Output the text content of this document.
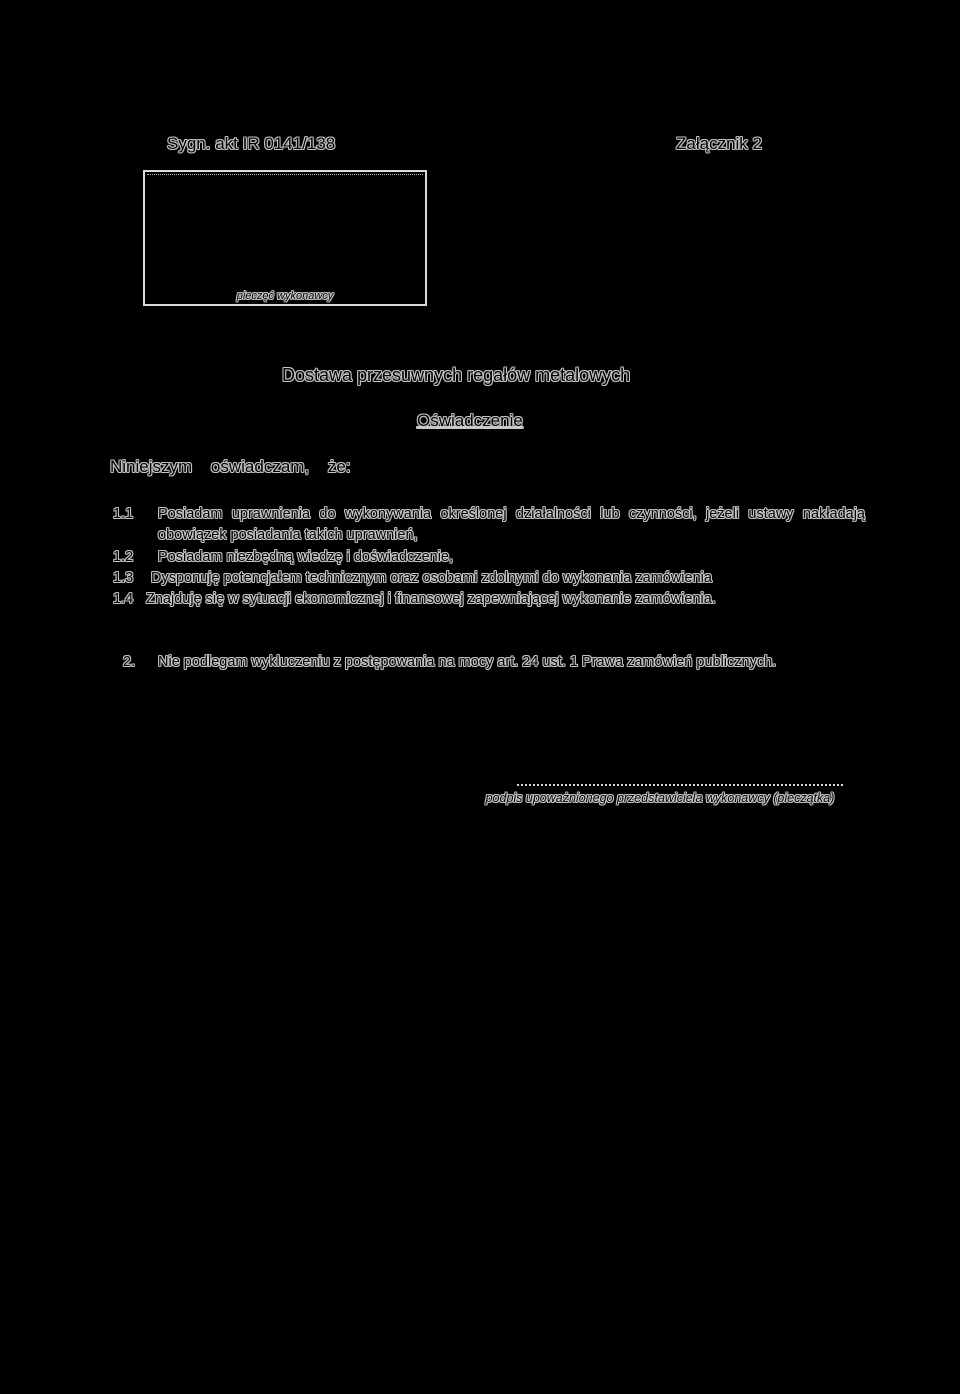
Sygn. akt IR 0141/138	Załącznik 2
pieczęć wykonawcy
Dostawa przesuwnych regałów metalowych
Oświadczenie
Niniejszym oświadczam, że:
1.1 Posiadam uprawnienia do wykonywania określonej działalności lub czynności, jeżeli ustawy nakładają obowiązek posiadania takich uprawnień,
1.2 Posiadam niezbędną wiedzę i doświadczenie,
1.3 Dysponuję potencjałem technicznym oraz osobami zdolnymi do wykonania zamówienia
1.4 Znajduję się w sytuacji ekonomicznej i finansowej zapewniającej wykonanie zamówienia.
2. Nie podlegam wykluczeniu z postępowania na mocy art. 24 ust. 1 Prawa zamówień publicznych.
podpis upoważnionego przedstawiciela wykonawcy (pieczątka)
